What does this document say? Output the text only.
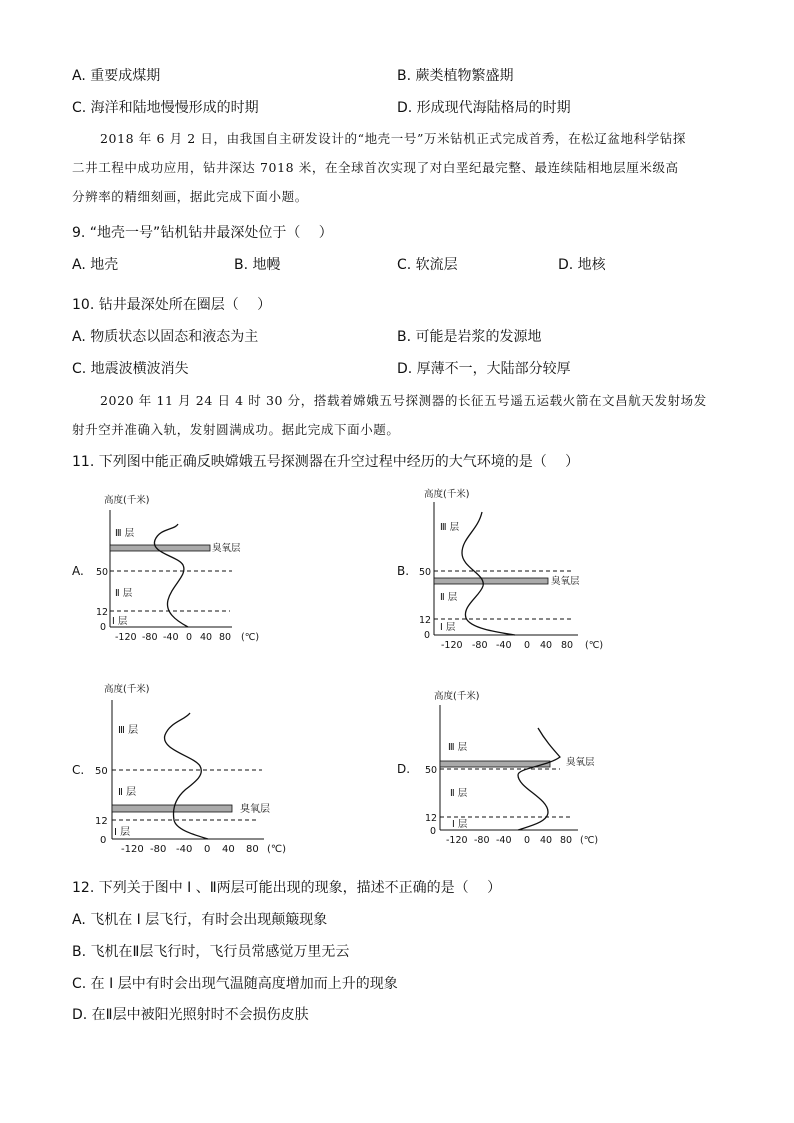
A. 重要成煤期	B. 蕨类植物繁盛期
C. 海洋和陆地慢慢形成的时期	D. 形成现代海陆格局的时期
2018 年 6 月 2 日，由我国自主研发设计的“地壳一号”万米钻机正式完成首秀，在松辽盆地科学钻探
二井工程中成功应用，钻井深达 7018 米，在全球首次实现了对白垩纪最完整、最连续陆相地层厘米级高
分辨率的精细刻画，据此完成下面小题。
9. “地壳一号”钻机钻井最深处位于（　 ）
A. 地壳	B. 地幔	C. 软流层	D. 地核
10. 钻井最深处所在圈层（　 ）
A. 物质状态以固态和液态为主	B. 可能是岩浆的发源地
C. 地震波横波消失	D. 厚薄不一，大陆部分较厚
2020 年 11 月 24 日 4 时 30 分，搭载着嫦娥五号探测器的长征五号遥五运载火箭在文昌航天发射场发
射升空并准确入轨，发射圆满成功。据此完成下面小题。
11. 下列图中能正确反映嫦娥五号探测器在升空过程中经历的大气环境的是（　 ）
A.
高度(千米)
臭氧层
Ⅲ 层
Ⅱ 层
Ⅰ 层
50
12
0
-120 -80 -40 0 40 80 (℃)
B.
高度(千米)
臭氧层
Ⅲ 层
Ⅱ 层
Ⅰ 层
50
12
0
-120 -80 -40 0 40 80 (℃)
C.
高度(千米)
臭氧层
Ⅲ 层
Ⅱ 层
Ⅰ 层
50
12
0
-120 -80 -40 0 40 80 (℃)
D.
高度(千米)
臭氧层
Ⅲ 层
Ⅱ 层
Ⅰ 层
50
12
0
-120 -80 -40 0 40 80 (℃)
12. 下列关于图中 Ⅰ 、Ⅱ两层可能出现的现象，描述不正确的是（　 ）
A. 飞机在 Ⅰ 层飞行，有时会出现颠簸现象
B. 飞机在Ⅱ层飞行时，飞行员常感觉万里无云
C. 在 Ⅰ 层中有时会出现气温随高度增加而上升的现象
D. 在Ⅱ层中被阳光照射时不会损伤皮肤
